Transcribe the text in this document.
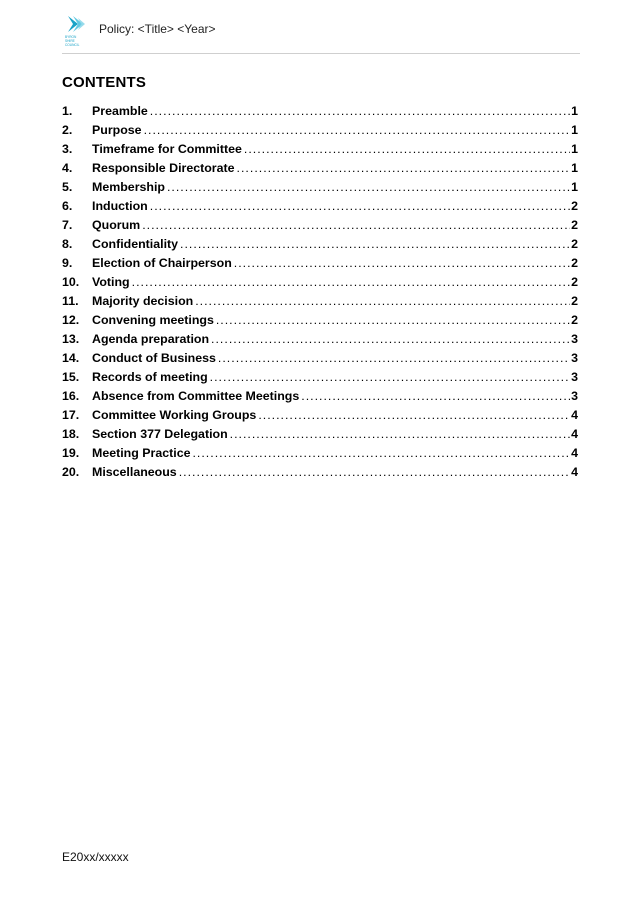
BYRON
SHIRE
COUNCIL
Policy: <Title> <Year>
CONTENTS
1.	Preamble .....	1
2.	Purpose .....	1
3.	Timeframe for Committee .....	1
4.	Responsible Directorate .....	1
5.	Membership .....	1
6.	Induction .....	2
7.	Quorum .....	2
8.	Confidentiality .....	2
9.	Election of Chairperson .....	2
10.	Voting .....	2
11.	Majority decision .....	2
12.	Convening meetings .....	2
13.	Agenda preparation .....	3
14.	Conduct of Business .....	3
15.	Records of meeting .....	3
16.	Absence from Committee Meetings .....	3
17.	Committee Working Groups .....	4
18.	Section 377 Delegation .....	4
19.	Meeting Practice .....	4
20.	Miscellaneous .....	4
E20xx/xxxxx
